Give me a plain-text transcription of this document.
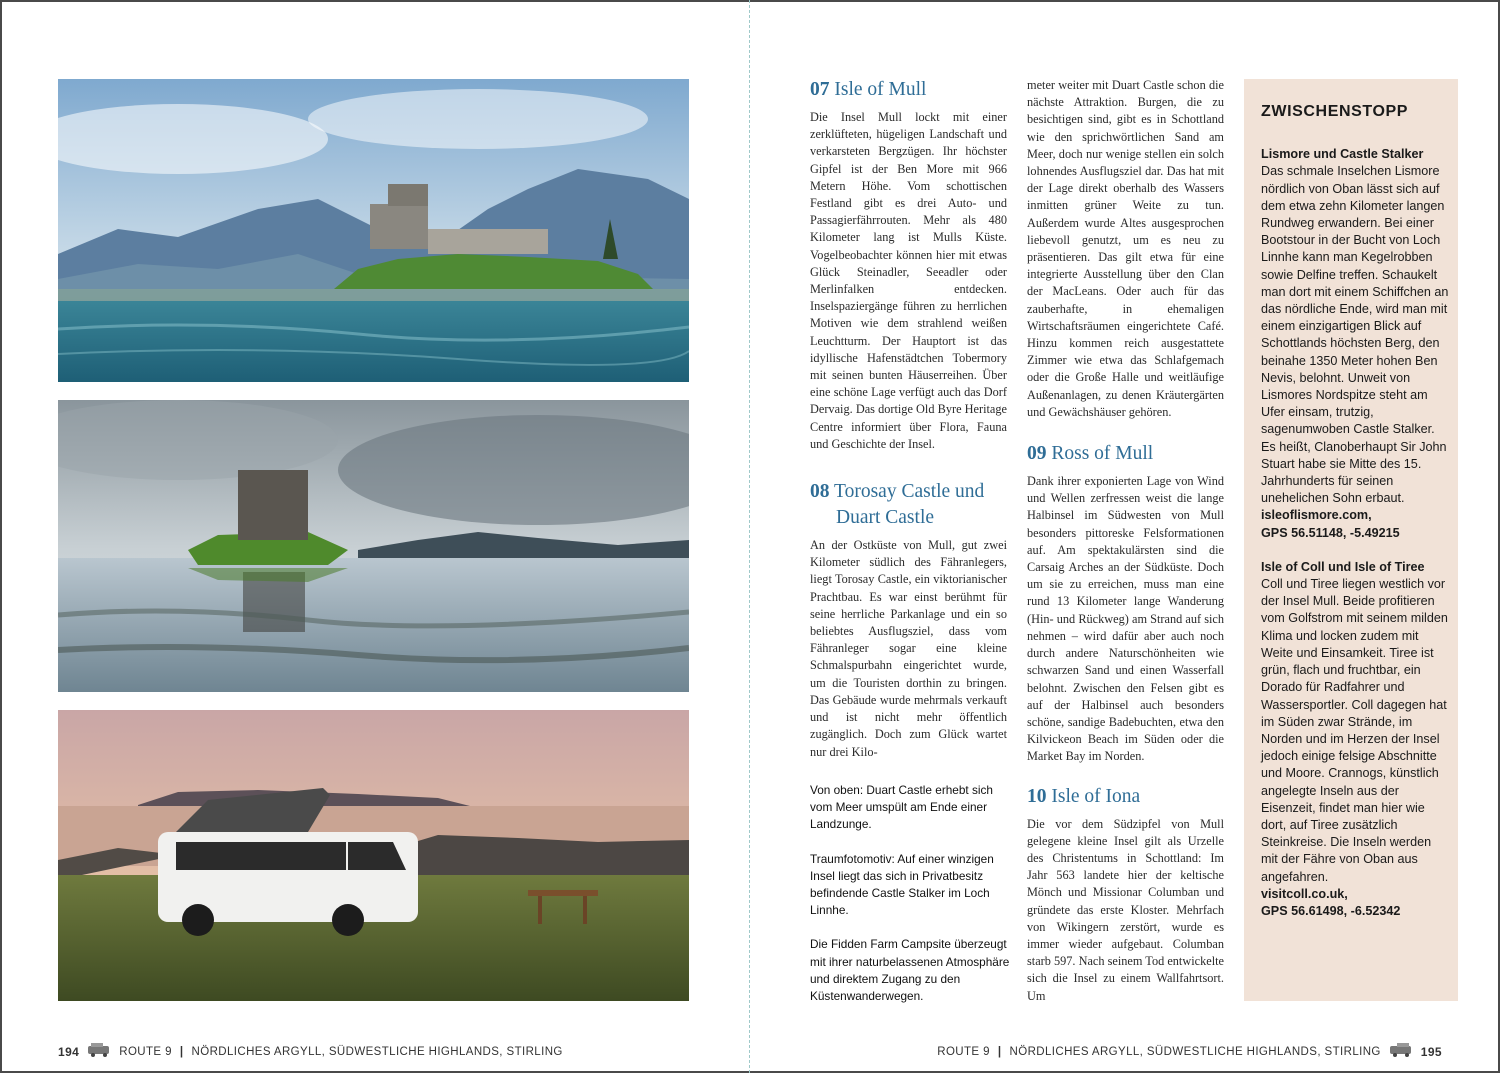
Duart Castle
Castle Stalker
Fidden Farm Campsite
07 Isle of Mull

Die Insel Mull lockt mit einer zerklüfteten, hügeligen Landschaft und verkarsteten Bergzügen. Ihr höchster Gipfel ist der Ben More mit 966 Metern Höhe. Vom schottischen Festland gibt es drei Auto- und Passagierfährrouten. Mehr als 480 Kilometer lang ist Mulls Küste. Vogelbeobachter können hier mit etwas Glück Steinadler, Seeadler oder Merlinfalken entdecken. Inselspaziergänge führen zu herrlichen Motiven wie dem strahlend weißen Leuchtturm. Der Hauptort ist das idyllische Hafenstädtchen Tobermory mit seinen bunten Häuserreihen. Über eine schöne Lage verfügt auch das Dorf Dervaig. Das dortige Old Byre Heritage Centre informiert über Flora, Fauna und Geschichte der Insel.

08 Torosay Castle und
Duart Castle

An der Ostküste von Mull, gut zwei Kilometer südlich des Fähranlegers, liegt Torosay Castle, ein viktorianischer Prachtbau. Es war einst berühmt für seine herrliche Parkanlage und ein so beliebtes Ausflugsziel, dass vom Fähranleger sogar eine kleine Schmalspurbahn eingerichtet wurde, um die Touristen dorthin zu bringen. Das Gebäude wurde mehrmals verkauft und ist nicht mehr öffentlich zugänglich. Doch zum Glück wartet nur drei Kilo-

Von oben: Duart Castle erhebt sich vom Meer umspült am Ende einer Landzunge.

Traumfotomotiv: Auf einer winzigen Insel liegt das sich in Privatbesitz befindende Castle Stalker im Loch Linnhe.

Die Fidden Farm Campsite überzeugt mit ihrer naturbelassenen Atmosphäre und direktem Zugang zu den Küstenwanderwegen.

meter weiter mit Duart Castle schon die nächste Attraktion. Burgen, die zu besichtigen sind, gibt es in Schottland wie den sprichwörtlichen Sand am Meer, doch nur wenige stellen ein solch lohnendes Ausflugsziel dar. Das hat mit der Lage direkt oberhalb des Wassers inmitten grüner Weite zu tun. Außerdem wurde Altes ausgesprochen liebevoll genutzt, um es neu zu präsentieren. Das gilt etwa für eine integrierte Ausstellung über den Clan der MacLeans. Oder auch für das zauberhafte, in ehemaligen Wirtschaftsräumen eingerichtete Café. Hinzu kommen reich ausgestattete Zimmer wie etwa das Schlafgemach oder die Große Halle und weitläufige Außenanlagen, zu denen Kräutergärten und Gewächshäuser gehören.

09 Ross of Mull

Dank ihrer exponierten Lage von Wind und Wellen zerfressen weist die lange Halbinsel im Südwesten von Mull besonders pittoreske Felsformationen auf. Am spektakulärsten sind die Carsaig Arches an der Südküste. Doch um sie zu erreichen, muss man eine rund 13 Kilometer lange Wanderung (Hin- und Rückweg) am Strand auf sich nehmen – wird dafür aber auch noch durch andere Naturschönheiten wie schwarzen Sand und einen Wasserfall belohnt. Zwischen den Felsen gibt es auf der Halbinsel auch besonders schöne, sandige Badebuchten, etwa den Kilvickeon Beach im Süden oder die Market Bay im Norden.

10 Isle of Iona

Die vor dem Südzipfel von Mull gelegene kleine Insel gilt als Urzelle des Christentums in Schottland: Im Jahr 563 landete hier der keltische Mönch und Missionar Columban und gründete das erste Kloster. Mehrfach von Wikingern zerstört, wurde es immer wieder aufgebaut. Columban starb 597. Nach seinem Tod entwickelte sich die Insel zu einem Wallfahrtsort. Um

ZWISCHENSTOPP

Lismore und Castle Stalker

Das schmale Inselchen Lismore nördlich von Oban lässt sich auf dem etwa zehn Kilometer langen Rundweg erwandern. Bei einer Bootstour in der Bucht von Loch Linnhe kann man Kegelrobben sowie Delfine treffen. Schaukelt man dort mit einem Schiffchen an das nördliche Ende, wird man mit einem einzigartigen Blick auf Schottlands höchsten Berg, den beinahe 1350 Meter hohen Ben Nevis, belohnt. Unweit von Lismores Nordspitze steht am Ufer einsam, trutzig, sagenumwoben Castle Stalker. Es heißt, Clanoberhaupt Sir John Stuart habe sie Mitte des 15. Jahrhunderts für seinen unehelichen Sohn erbaut.

isleoflismore.com,

GPS 56.51148, -5.49215

Isle of Coll und Isle of Tiree

Coll und Tiree liegen westlich vor der Insel Mull. Beide profitieren vom Golfstrom mit seinem milden Klima und locken zudem mit Weite und Einsamkeit. Tiree ist grün, flach und fruchtbar, ein Dorado für Radfahrer und Wassersportler. Coll dagegen hat im Süden zwar Strände, im Norden und im Herzen der Insel jedoch einige felsige Abschnitte und Moore. Crannogs, künstlich angelegte Inseln aus der Eisenzeit, findet man hier wie dort, auf Tiree zusätzlich Steinkreise. Die Inseln werden mit der Fähre von Oban aus angefahren.

visitcoll.co.uk,

GPS 56.61498, -6.52342

194	ROUTE 9 | NÖRDLICHES ARGYLL, SÜDWESTLICHE HIGHLANDS, STIRLING	ROUTE 9 | NÖRDLICHES ARGYLL, SÜDWESTLICHE HIGHLANDS, STIRLING	195
